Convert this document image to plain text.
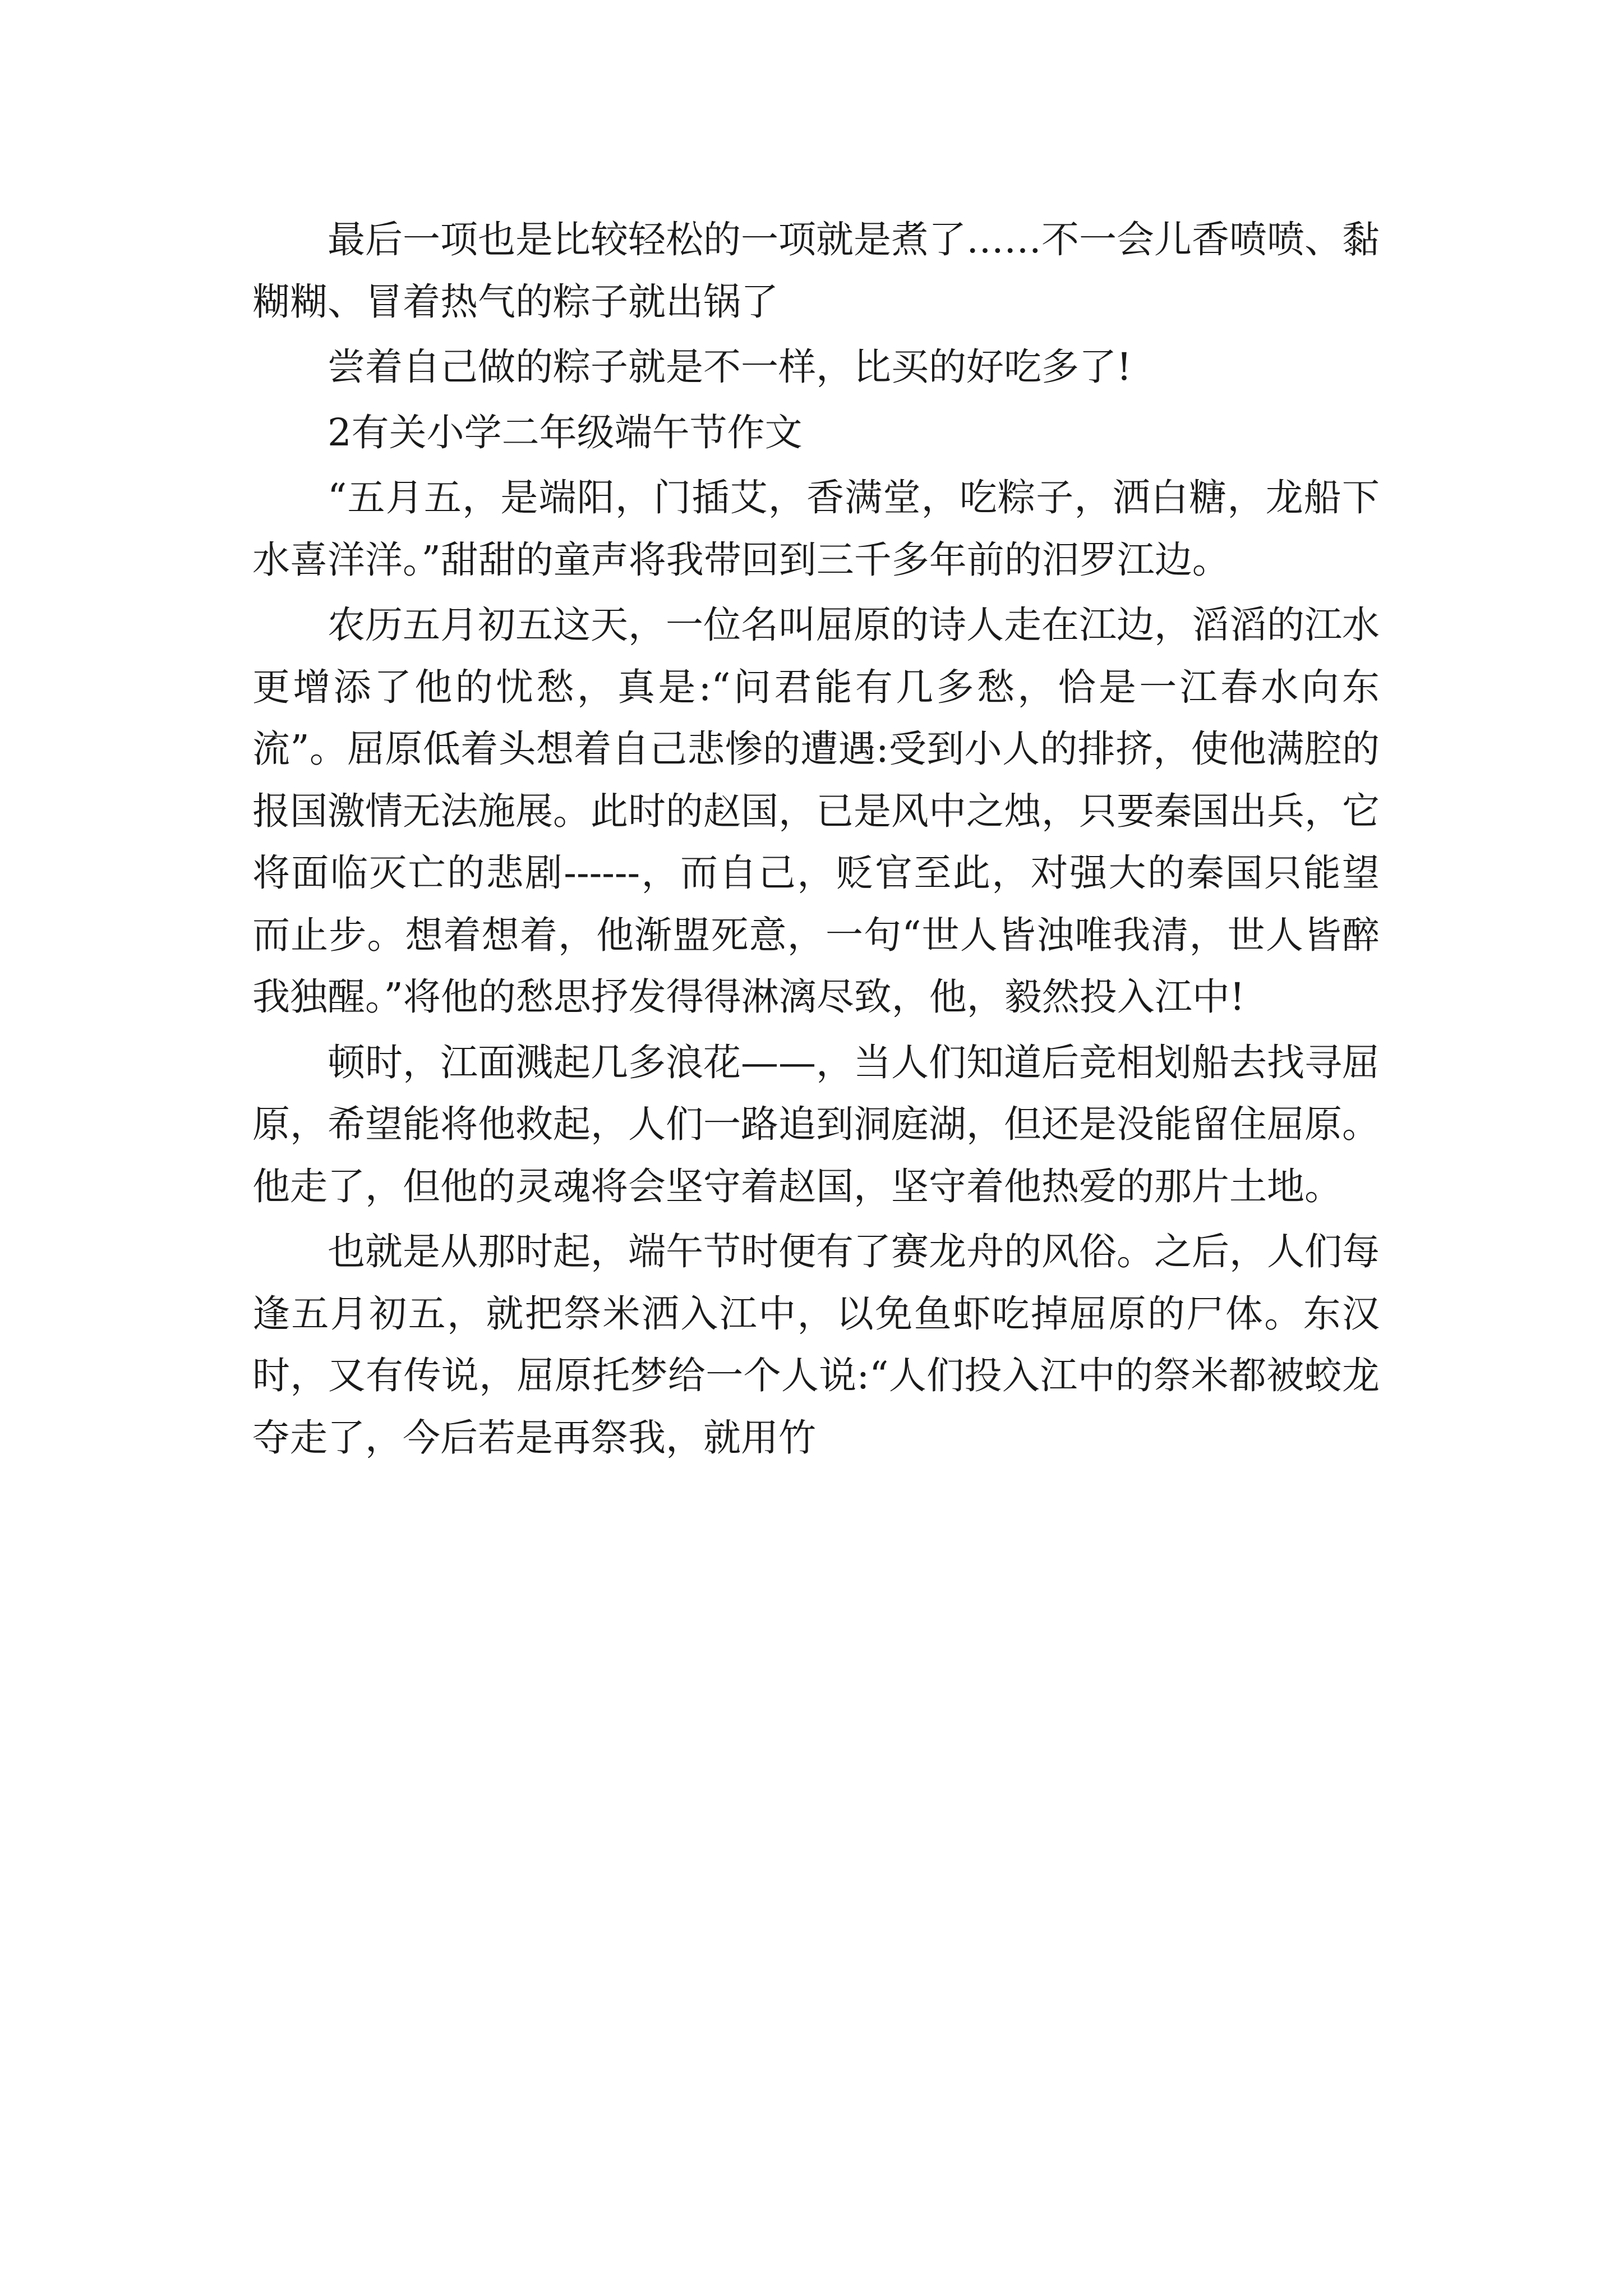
最后一项也是比较轻松的一项就是煮了……不一会儿香喷喷、黏糊糊、冒着热气的粽子就出锅了

尝着自己做的粽子就是不一样，比买的好吃多了!

2有关小学二年级端午节作文

“五月五，是端阳，门插艾，香满堂，吃粽子，洒白糖，龙船下水喜洋洋。”甜甜的童声将我带回到三千多年前的汨罗江边。

农历五月初五这天，一位名叫屈原的诗人走在江边，滔滔的江水更增添了他的忧愁，真是:“问君能有几多愁，恰是一江春水向东流”。屈原低着头想着自己悲惨的遭遇:受到小人的排挤，使他满腔的报国激情无法施展。此时的赵国，已是风中之烛，只要秦国出兵，它将面临灭亡的悲剧------，而自己，贬官至此，对强大的秦国只能望而止步。想着想着，他渐盟死意，一句“世人皆浊唯我清，世人皆醉我独醒。”将他的愁思抒发得得淋漓尽致，他，毅然投入江中!

顿时，江面溅起几多浪花——，当人们知道后竞相划船去找寻屈原，希望能将他救起，人们一路追到洞庭湖，但还是没能留住屈原。他走了，但他的灵魂将会坚守着赵国，坚守着他热爱的那片土地。

也就是从那时起，端午节时便有了赛龙舟的风俗。之后，人们每逢五月初五，就把祭米洒入江中，以免鱼虾吃掉屈原的尸体。东汉时，又有传说，屈原托梦给一个人说:“人们投入江中的祭米都被蛟龙夺走了，今后若是再祭我，就用竹
